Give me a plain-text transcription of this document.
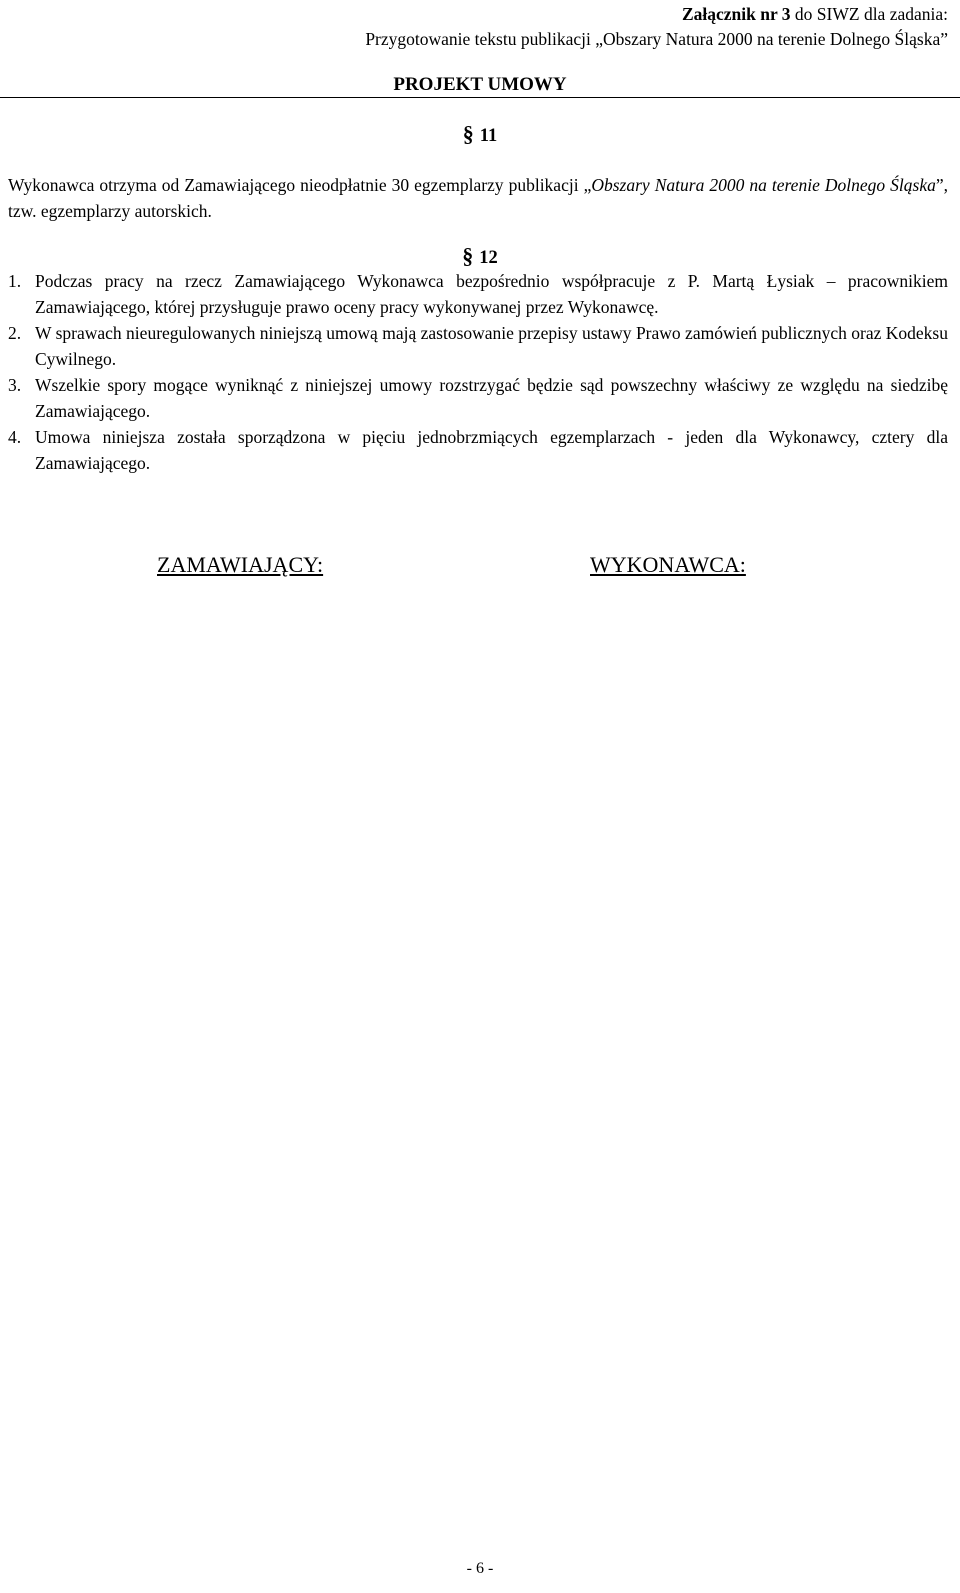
Załącznik nr 3 do SIWZ dla zadania:
Przygotowanie tekstu publikacji „Obszary Natura 2000 na terenie Dolnego Śląska”
PROJEKT UMOWY
§ 11
Wykonawca otrzyma od Zamawiającego nieodpłatnie 30 egzemplarzy publikacji „Obszary Natura 2000 na terenie Dolnego Śląska”, tzw. egzemplarzy autorskich.
§ 12
1. Podczas pracy na rzecz Zamawiającego Wykonawca bezpośrednio współpracuje z P. Martą Łysiak – pracownikiem Zamawiającego, której przysługuje prawo oceny pracy wykonywanej przez Wykonawcę.
2. W sprawach nieuregulowanych niniejszą umową mają zastosowanie przepisy ustawy Prawo zamówień publicznych oraz Kodeksu Cywilnego.
3. Wszelkie spory mogące wyniknąć z niniejszej umowy rozstrzygać będzie sąd powszechny właściwy ze względu na siedzibę Zamawiającego.
4. Umowa niniejsza została sporządzona w pięciu jednobrzmiących egzemplarzach - jeden dla Wykonawcy, cztery dla Zamawiającego.
ZAMAWIAJĄCY:	WYKONAWCA:
- 6 -
